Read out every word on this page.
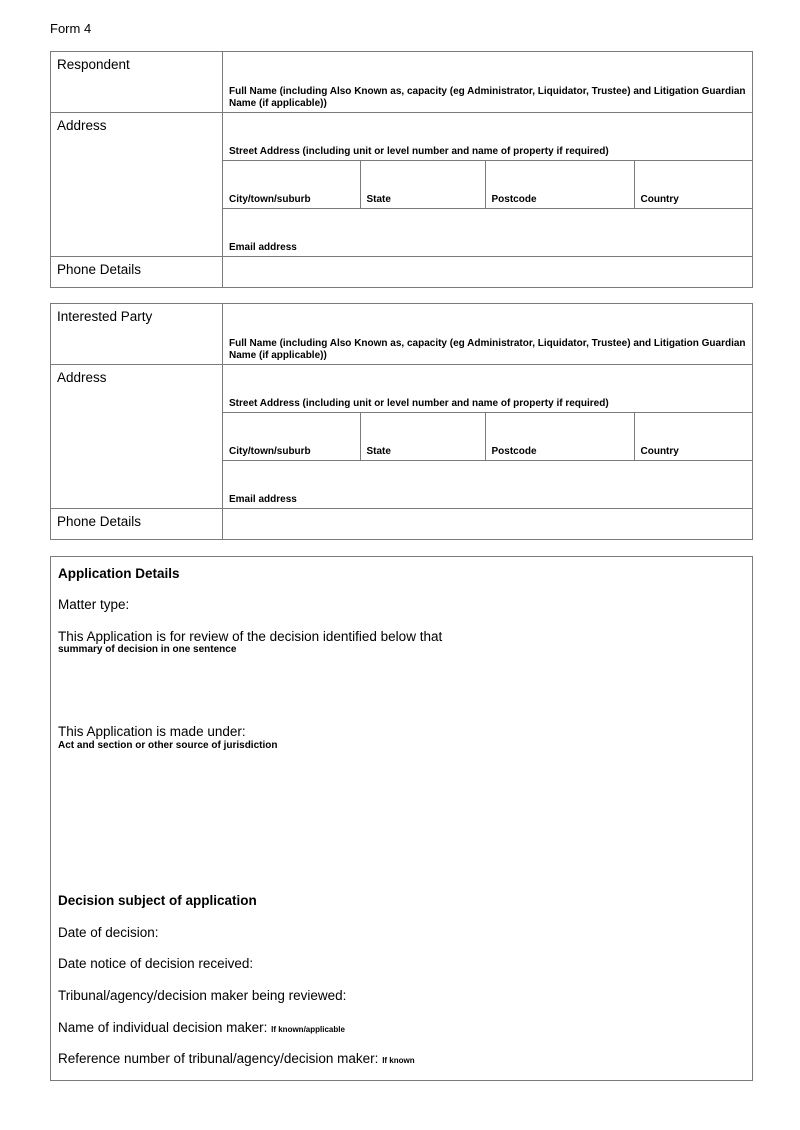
Form 4
Respondent	Full Name (including Also Known as, capacity (eg Administrator, Liquidator, Trustee) and Litigation Guardian Name (if applicable))
Address	Street Address (including unit or level number and name of property if required)

City/town/suburb	State	Postcode	Country

Email address
Phone Details	
Interested Party	Full Name (including Also Known as, capacity (eg Administrator, Liquidator, Trustee) and Litigation Guardian Name (if applicable))
Address	Street Address (including unit or level number and name of property if required)

City/town/suburb	State	Postcode	Country

Email address
Phone Details	
Application Details
Matter type:
This Application is for review of the decision identified below that
summary of decision in one sentence
This Application is made under:
Act and section or other source of jurisdiction
Decision subject of application
Date of decision:
Date notice of decision received:
Tribunal/agency/decision maker being reviewed:
Name of individual decision maker: If known/applicable
Reference number of tribunal/agency/decision maker: If known
